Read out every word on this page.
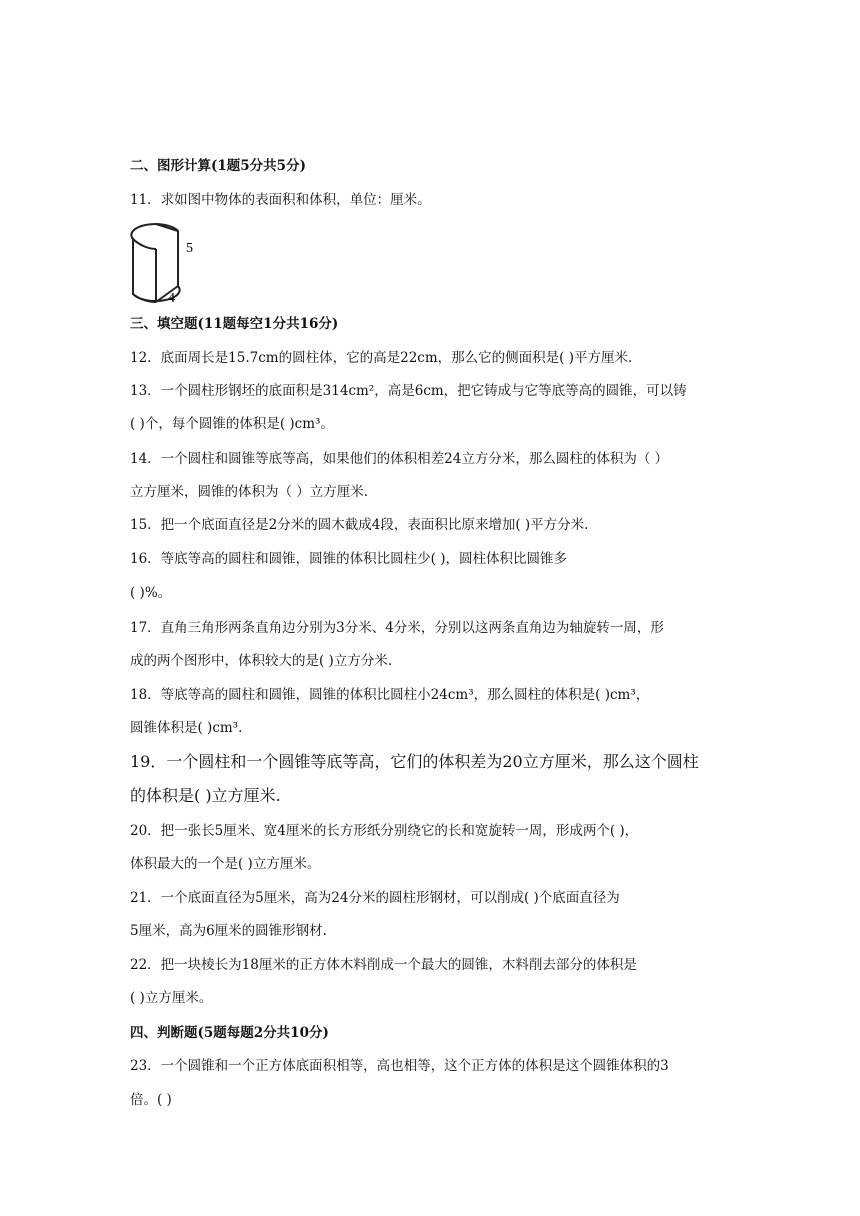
二、图形计算(1题5分共5分)
11．求如图中物体的表面积和体积，单位：厘米。
5
4
三、填空题(11题每空1分共16分)
12．底面周长是15.7cm的圆柱体，它的高是22cm，那么它的侧面积是( )平方厘米.
13．一个圆柱形钢坯的底面积是314cm²，高是6cm，把它铸成与它等底等高的圆锥，可以铸
( )个，每个圆锥的体积是( )cm³。
14．一个圆柱和圆锥等底等高，如果他们的体积相差24立方分米，那么圆柱的体积为（ ）
立方厘米，圆锥的体积为（ ）立方厘米.
15．把一个底面直径是2分米的圆木截成4段，表面积比原来增加( )平方分米.
16．等底等高的圆柱和圆锥，圆锥的体积比圆柱少( )，圆柱体积比圆锥多
( )%。
17．直角三角形两条直角边分别为3分米、4分米，分别以这两条直角边为轴旋转一周，形
成的两个图形中，体积较大的是( )立方分米.
18．等底等高的圆柱和圆锥，圆锥的体积比圆柱小24cm³，那么圆柱的体积是( )cm³，
圆锥体积是( )cm³.
19．一个圆柱和一个圆锥等底等高，它们的体积差为20立方厘米，那么这个圆柱
的体积是( )立方厘米.
20．把一张长5厘米、宽4厘米的长方形纸分别绕它的长和宽旋转一周，形成两个( )，
体积最大的一个是( )立方厘米。
21．一个底面直径为5厘米，高为24分米的圆柱形钢材，可以削成( )个底面直径为
5厘米，高为6厘米的圆锥形钢材.
22．把一块棱长为18厘米的正方体木料削成一个最大的圆锥，木料削去部分的体积是
( )立方厘米。
四、判断题(5题每题2分共10分)
23．一个圆锥和一个正方体底面积相等，高也相等，这个正方体的体积是这个圆锥体积的3
倍。( )
